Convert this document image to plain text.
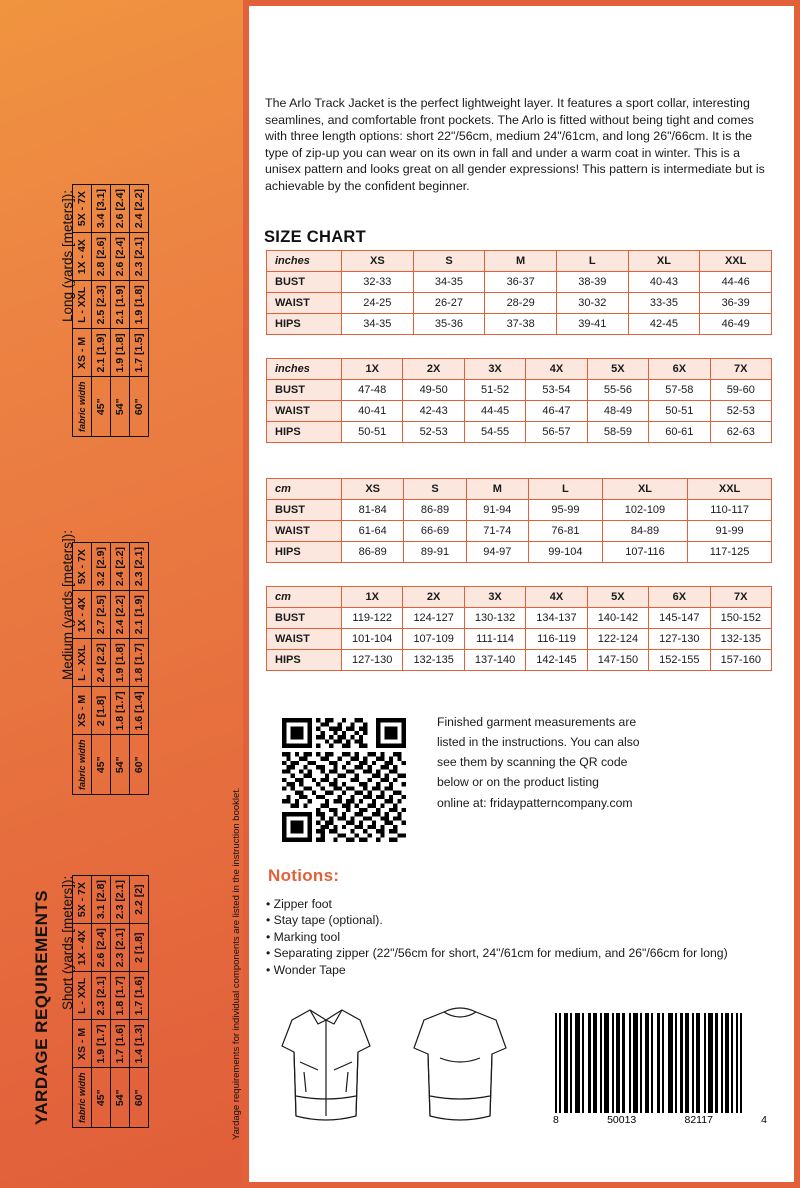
YARDAGE REQUIREMENTS	Yardage requirements for individual components are listed in the instruction booklet.
Short (yards [meters]):
fabric width	XS - M	L - XXL	1X - 4X	5X - 7X
45"	1.9 [1.7]	2.3 [2.1]	2.6 [2.4]	3.1 [2.8]
54"	1.7 [1.6]	1.8 [1.7]	2.3 [2.1]	2.3 [2.1]
60"	1.4 [1.3]	1.7 [1.6]	2 [1.8]	2.2 [2]
Medium (yards [meters]):
fabric width	XS - M	L - XXL	1X - 4X	5X - 7X
45"	2 [1.8]	2.4 [2.2]	2.7 [2.5]	3.2 [2.9]
54"	1.8 [1.7]	1.9 [1.8]	2.4 [2.2]	2.4 [2.2]
60"	1.6 [1.4]	1.8 [1.7]	2.1 [1.9]	2.3 [2.1]
Long (yards [meters]):
fabric width	XS - M	L - XXL	1X - 4X	5X - 7X
45"	2.1 [1.9]	2.5 [2.3]	2.8 [2.6]	3.4 [3.1]
54"	1.9 [1.8]	2.1 [1.9]	2.6 [2.4]	2.6 [2.4]
60"	1.7 [1.5]	1.9 [1.8]	2.3 [2.1]	2.4 [2.2]
The Arlo Track Jacket is the perfect lightweight layer. It features a sport collar, interesting seamlines, and comfortable front pockets. The Arlo is fitted without being tight and comes with three length options: short 22"/56cm, medium 24"/61cm, and long 26"/66cm. It is the type of zip-up you can wear on its own in fall and under a warm coat in winter. This is a unisex pattern and looks great on all gender expressions! This pattern is intermediate but is achievable by the confident beginner.
SIZE CHART
inches	XS	S	M	L	XL	XXL
BUST	32-33	34-35	36-37	38-39	40-43	44-46
WAIST	24-25	26-27	28-29	30-32	33-35	36-39
HIPS	34-35	35-36	37-38	39-41	42-45	46-49
inches	1X	2X	3X	4X	5X	6X	7X
BUST	47-48	49-50	51-52	53-54	55-56	57-58	59-60
WAIST	40-41	42-43	44-45	46-47	48-49	50-51	52-53
HIPS	50-51	52-53	54-55	56-57	58-59	60-61	62-63
cm	XS	S	M	L	XL	XXL
BUST	81-84	86-89	91-94	95-99	102-109	110-117
WAIST	61-64	66-69	71-74	76-81	84-89	91-99
HIPS	86-89	89-91	94-97	99-104	107-116	117-125
cm	1X	2X	3X	4X	5X	6X	7X
BUST	119-122	124-127	130-132	134-137	140-142	145-147	150-152
WAIST	101-104	107-109	111-114	116-119	122-124	127-130	132-135
HIPS	127-130	132-135	137-140	142-145	147-150	152-155	157-160
Finished garment measurements are
listed in the instructions. You can also
see them by scanning the QR code
below or on the product listing
online at: fridaypatterncompany.com
Notions:
• Zipper foot
• Stay tape (optional).
• Marking tool
• Separating zipper (22"/56cm for short, 24"/61cm for medium, and 26"/66cm for long)
• Wonder Tape
8	50013	82117	4
